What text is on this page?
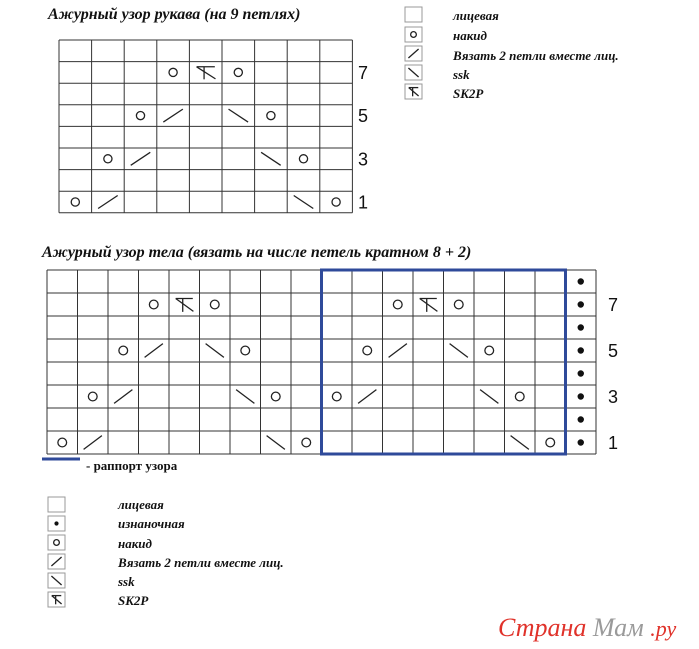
Ажурный узор рукава (на 9 петлях)
Ажурный узор тела (вязать на числе петель кратном 8 + 2)
лицевая
накид
Вязать 2 петли вместе лиц.
ssk
SK2P
- раппорт узора
лицевая
изнаночная
накид
Вязать 2 петли вместе лиц.
ssk
SK2P
Страна Мам .ру
7
5
3
1
7
5
3
1
